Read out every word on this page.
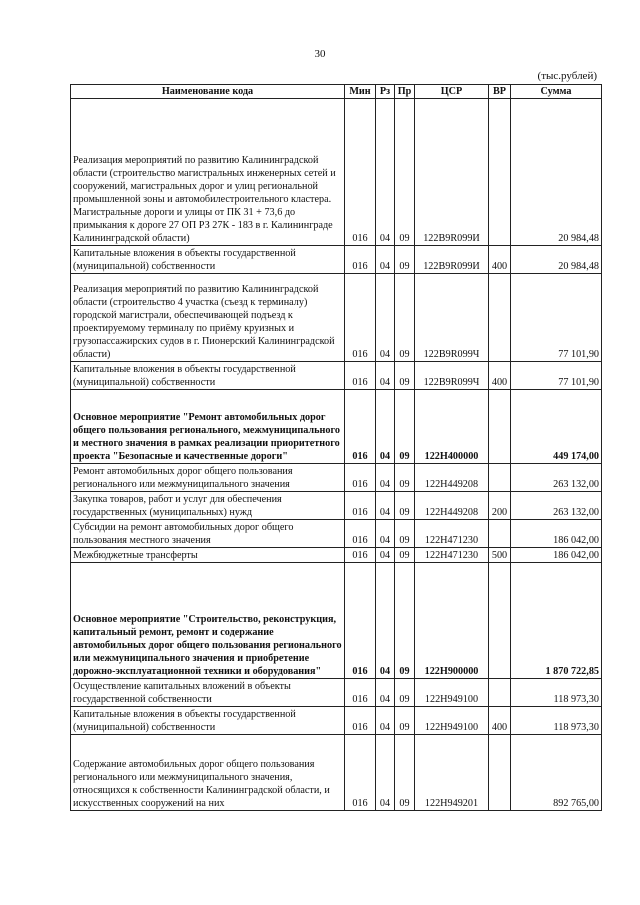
30
(тыс.рублей)
Наименование кода	Мин	Рз	Пр	ЦСР	ВР	Сумма
Реализация мероприятий по развитию Калининградской области (строительство магистральных инженерных сетей и сооружений, магистральных дорог и улиц региональной промышленной зоны и автомобилестроительного кластера. Магистральные дороги и улицы от ПК 31 + 73,6 до примыкания к дороге 27 ОП РЗ 27К - 183 в г. Калининграде Калининградской области)	016	04	09	122B9R099И		20 984,48
Капитальные вложения в объекты государственной (муниципальной) собственности	016	04	09	122B9R099И	400	20 984,48
Реализация мероприятий по развитию Калининградской области (строительство 4 участка (съезд к терминалу) городской магистрали, обеспечивающей подъезд к проектируемому терминалу по приёму круизных и грузопассажирских судов в г. Пионерский Калининградской области)	016	04	09	122B9R099Ч		77 101,90
Капитальные вложения в объекты государственной (муниципальной) собственности	016	04	09	122B9R099Ч	400	77 101,90
Основное мероприятие "Ремонт автомобильных дорог общего пользования регионального, межмуниципального и местного значения в рамках реализации приоритетного проекта "Безопасные и качественные дороги"	016	04	09	122H400000		449 174,00
Ремонт автомобильных дорог общего пользования регионального или межмуниципального значения	016	04	09	122H449208		263 132,00
Закупка товаров, работ и услуг для обеспечения государственных (муниципальных) нужд	016	04	09	122H449208	200	263 132,00
Субсидии на ремонт автомобильных дорог общего пользования местного значения	016	04	09	122H471230		186 042,00
Межбюджетные трансферты	016	04	09	122H471230	500	186 042,00
Основное мероприятие "Строительство, реконструкция, капитальный ремонт, ремонт и содержание автомобильных дорог общего пользования регионального или межмуниципального значения и приобретение дорожно-эксплуатационной техники и оборудования"	016	04	09	122H900000		1 870 722,85
Осуществление капитальных вложений в объекты государственной собственности	016	04	09	122H949100		118 973,30
Капитальные вложения в объекты государственной (муниципальной) собственности	016	04	09	122H949100	400	118 973,30
Содержание автомобильных дорог общего пользования регионального или межмуниципального значения, относящихся к собственности Калининградской области, и искусственных сооружений на них	016	04	09	122H949201		892 765,00
